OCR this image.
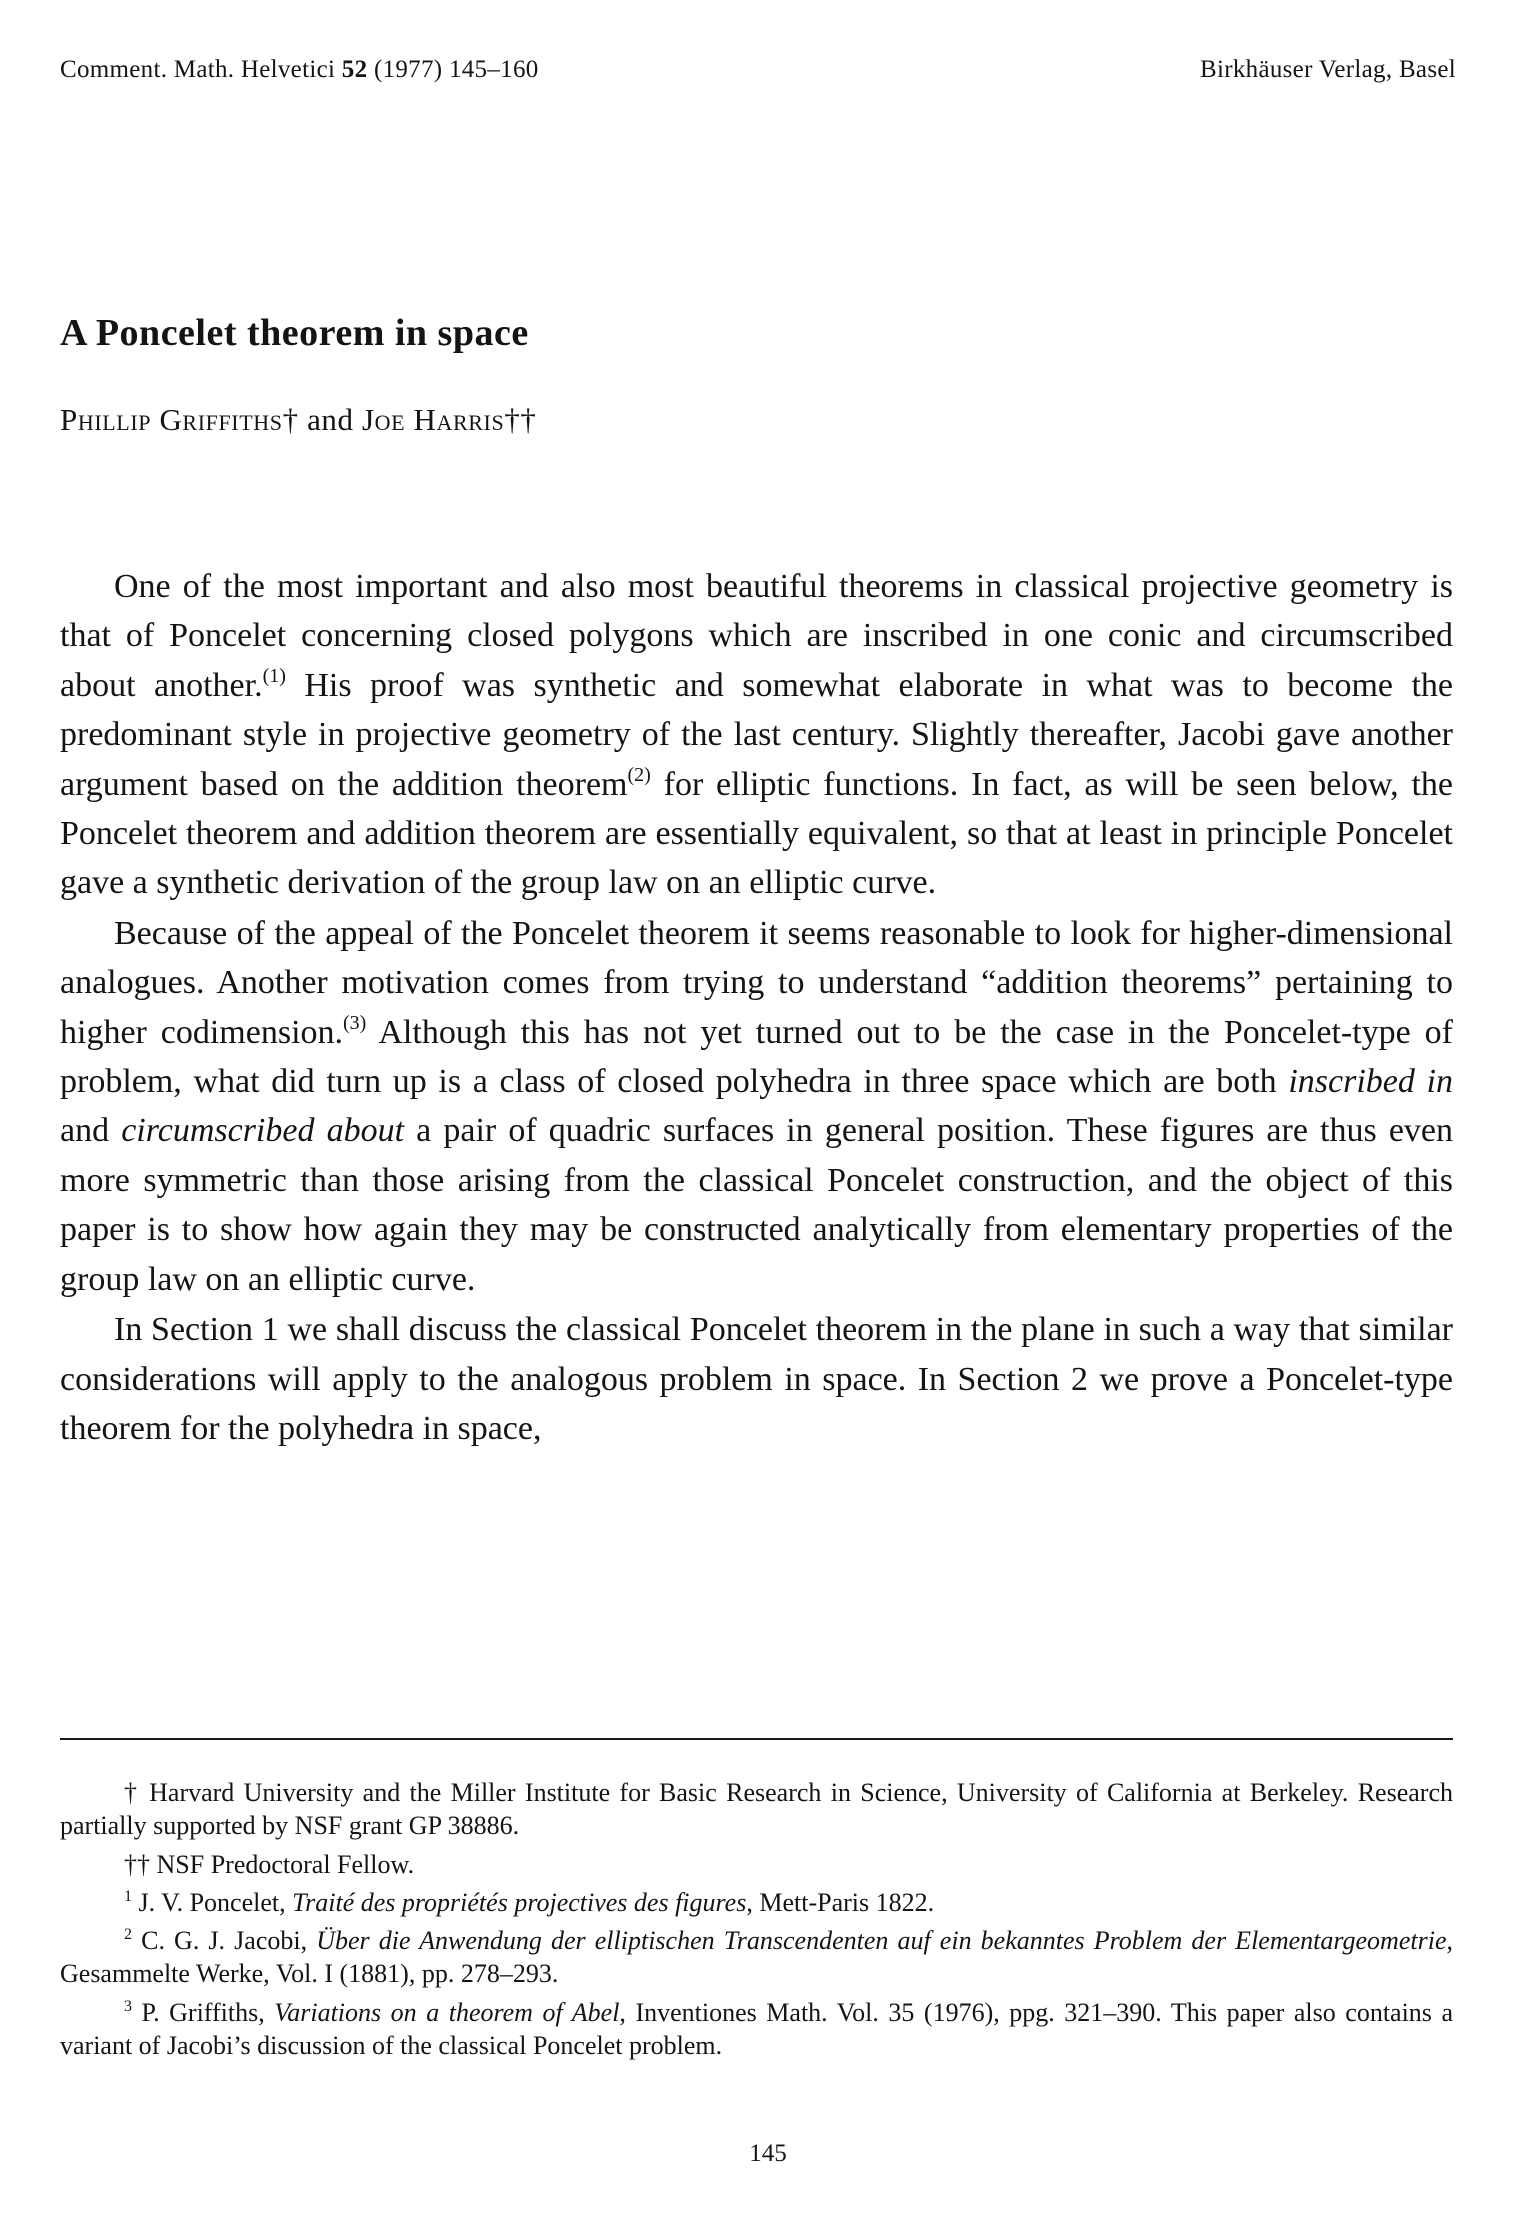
Comment. Math. Helvetici 52 (1977) 145–160	Birkhäuser Verlag, Basel
A Poncelet theorem in space
Phillip Griffiths† and Joe Harris††

One of the most important and also most beautiful theorems in classical projective geometry is that of Poncelet concerning closed polygons which are inscribed in one conic and circumscribed about another.$^{(1)}$ His proof was synthetic and somewhat elaborate in what was to become the predominant style in projective geometry of the last century. Slightly thereafter, Jacobi gave another argument based on the addition theorem$^{(2)}$ for elliptic functions. In fact, as will be seen below, the Poncelet theorem and addition theorem are essentially equivalent, so that at least in principle Poncelet gave a synthetic derivation of the group law on an elliptic curve.

Because of the appeal of the Poncelet theorem it seems reasonable to look for higher-dimensional analogues. Another motivation comes from trying to understand “addition theorems” pertaining to higher codimension.$^{(3)}$ Although this has not yet turned out to be the case in the Poncelet-type of problem, what did turn up is a class of closed polyhedra in three space which are both inscribed in and circumscribed about a pair of quadric surfaces in general position. These figures are thus even more symmetric than those arising from the classical Poncelet construction, and the object of this paper is to show how again they may be constructed analytically from elementary properties of the group law on an elliptic curve.

In Section 1 we shall discuss the classical Poncelet theorem in the plane in such a way that similar considerations will apply to the analogous problem in space. In Section 2 we prove a Poncelet-type theorem for the polyhedra in space,

† Harvard University and the Miller Institute for Basic Research in Science, University of California at Berkeley. Research partially supported by NSF grant GP 38886.

†† NSF Predoctoral Fellow.

$^1$ J. V. Poncelet, Traité des propriétés projectives des figures, Mett-Paris 1822.

$^2$ C. G. J. Jacobi, Über die Anwendung der elliptischen Transcendenten auf ein bekanntes Problem der Elementargeometrie, Gesammelte Werke, Vol. I (1881), pp. 278–293.

$^3$ P. Griffiths, Variations on a theorem of Abel, Inventiones Math. Vol. 35 (1976), ppg. 321–390. This paper also contains a variant of Jacobi’s discussion of the classical Poncelet problem.

145
